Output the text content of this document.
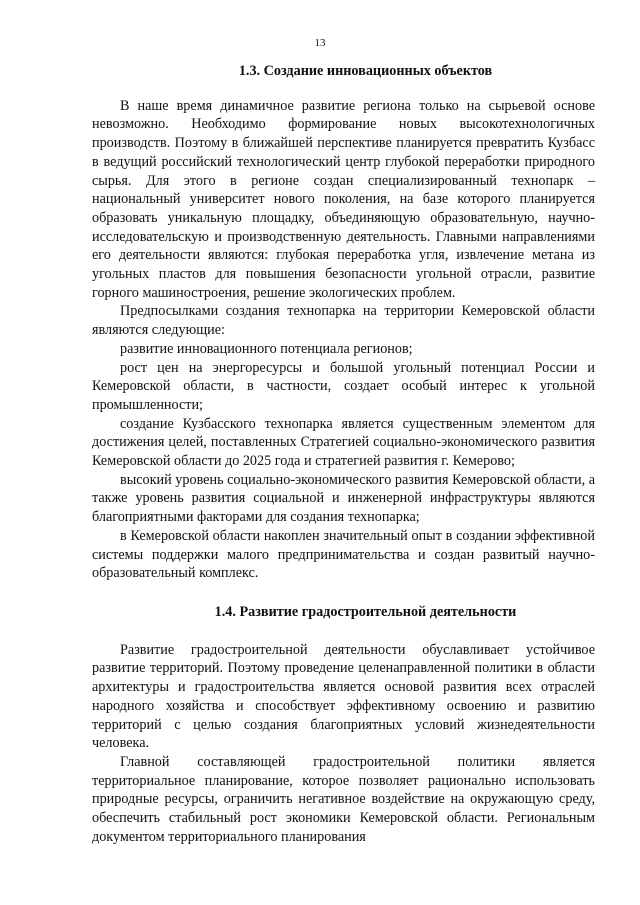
13
1.3. Создание инновационных объектов

В наше время динамичное развитие региона только на сырьевой основе невозможно. Необходимо формирование новых высокотехнологичных производств. Поэтому в ближайшей перспективе планируется превратить Кузбасс в ведущий российский технологический центр глубокой переработки природного сырья. Для этого в регионе создан специализированный технопарк – национальный университет нового поколения, на базе которого планируется образовать уникальную площадку, объединяющую образовательную, научно-исследовательскую и производственную деятельность. Главными направлениями его деятельности являются: глубокая переработка угля, извлечение метана из угольных пластов для повышения безопасности угольной отрасли, развитие горного машиностроения, решение экологических проблем.

Предпосылками создания технопарка на территории Кемеровской области являются следующие:

развитие инновационного потенциала регионов;

рост цен на энергоресурсы и большой угольный потенциал России и Кемеровской области, в частности, создает особый интерес к угольной промышленности;

создание Кузбасского технопарка является существенным элементом для достижения целей, поставленных Стратегией социально-экономического развития Кемеровской области до 2025 года и стратегией развития г. Кемерово;

высокий уровень социально-экономического развития Кемеровской области, а также уровень развития социальной и инженерной инфраструктуры являются благоприятными факторами для создания технопарка;

в Кемеровской области накоплен значительный опыт в создании эффективной системы поддержки малого предпринимательства и создан развитый научно-образовательный комплекс.

1.4. Развитие градостроительной деятельности

Развитие градостроительной деятельности обуславливает устойчивое развитие территорий. Поэтому проведение целенаправленной политики в области архитектуры и градостроительства является основой развития всех отраслей народного хозяйства и способствует эффективному освоению и развитию территорий с целью создания благоприятных условий жизнедеятельности человека.

Главной составляющей градостроительной политики является территориальное планирование, которое позволяет рационально использовать природные ресурсы, ограничить негативное воздействие на окружающую среду, обеспечить стабильный рост экономики Кемеровской области. Региональным документом территориального планирования
